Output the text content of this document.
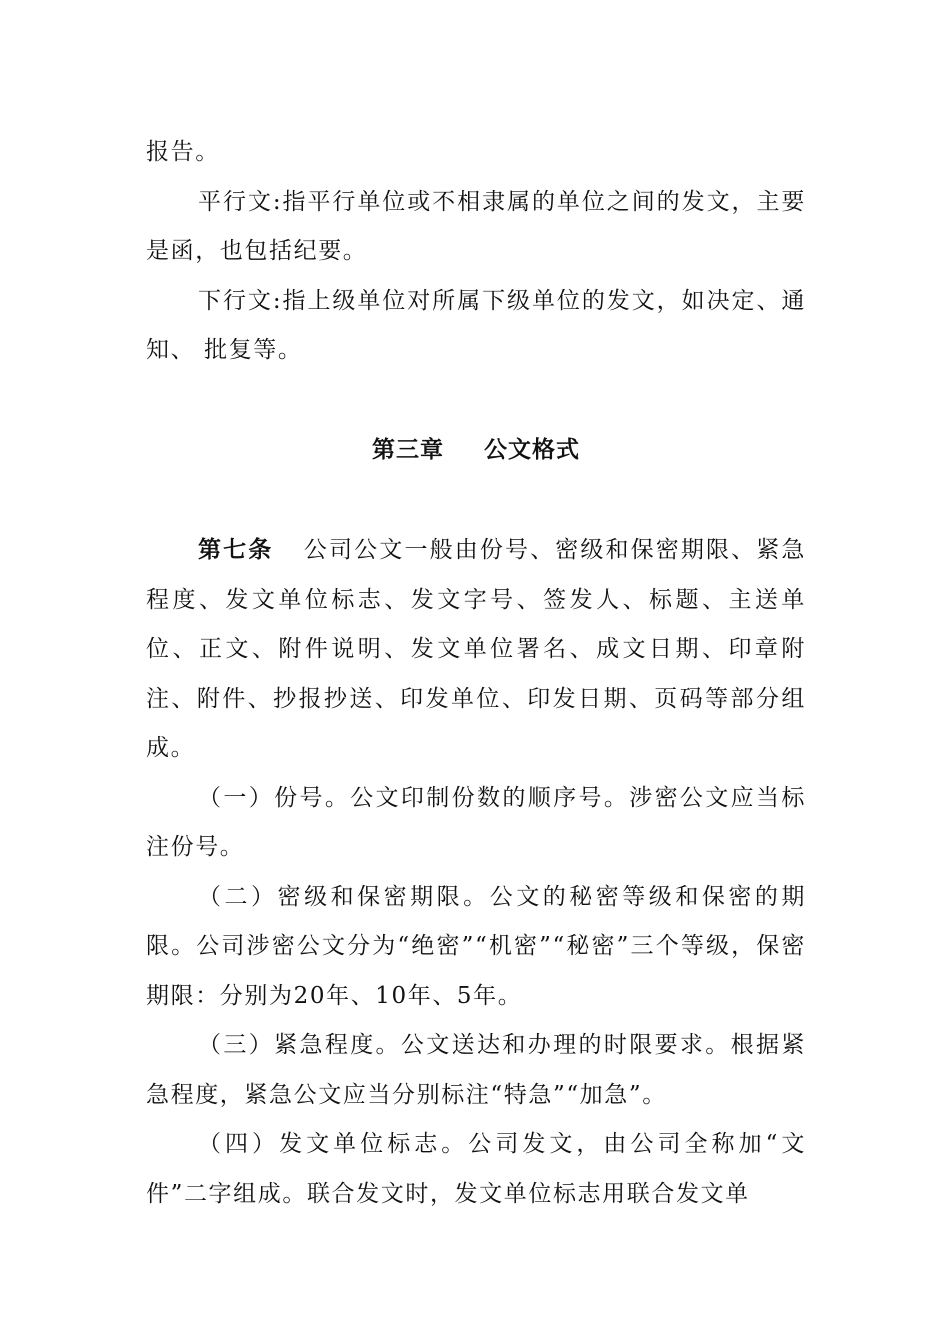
报告。

平行文:指平行单位或不相隶属的单位之间的发文，主要是函，也包括纪要。

下行文:指上级单位对所属下级单位的发文，如决定、通知、 批复等。

第三章 公文格式

第七条 公司公文一般由份号、密级和保密期限、紧急程度、发文单位标志、发文字号、签发人、标题、主送单位、正文、附件说明、发文单位署名、成文日期、印章附注、附件、抄报抄送、印发单位、印发日期、页码等部分组成。

（一）份号。公文印制份数的顺序号。涉密公文应当标注份号。

（二）密级和保密期限。公文的秘密等级和保密的期限。公司涉密公文分为“绝密”“机密”“秘密”三个等级，保密期限：分别为20年、10年、5年。

（三）紧急程度。公文送达和办理的时限要求。根据紧急程度，紧急公文应当分别标注“特急”“加急”。

（四）发文单位标志。公司发文，由公司全称加“文件”二字组成。联合发文时，发文单位标志用联合发文单
